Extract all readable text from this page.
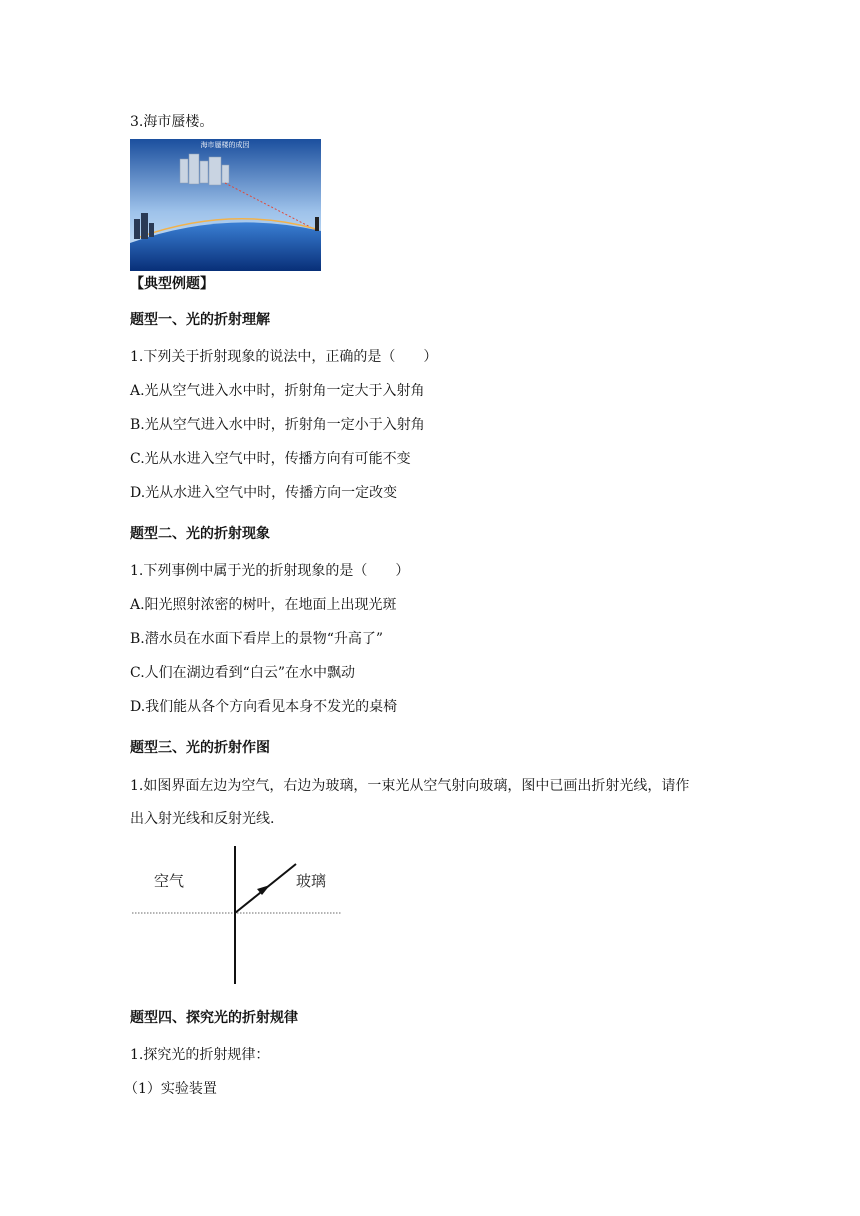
3.海市蜃楼。
海市蜃楼的成因
【典型例题】
题型一、光的折射理解
1.下列关于折射现象的说法中，正确的是（　　）
A.光从空气进入水中时，折射角一定大于入射角
B.光从空气进入水中时，折射角一定小于入射角
C.光从水进入空气中时，传播方向有可能不变
D.光从水进入空气中时，传播方向一定改变
题型二、光的折射现象
1.下列事例中属于光的折射现象的是（　　）
A.阳光照射浓密的树叶，在地面上出现光斑
B.潜水员在水面下看岸上的景物“升高了”
C.人们在湖边看到“白云”在水中飘动
D.我们能从各个方向看见本身不发光的桌椅
题型三、光的折射作图
1.如图界面左边为空气，右边为玻璃，一束光从空气射向玻璃，图中已画出折射光线，请作
出入射光线和反射光线.
空气	玻璃
题型四、探究光的折射规律
1.探究光的折射规律：
（1）实验装置
